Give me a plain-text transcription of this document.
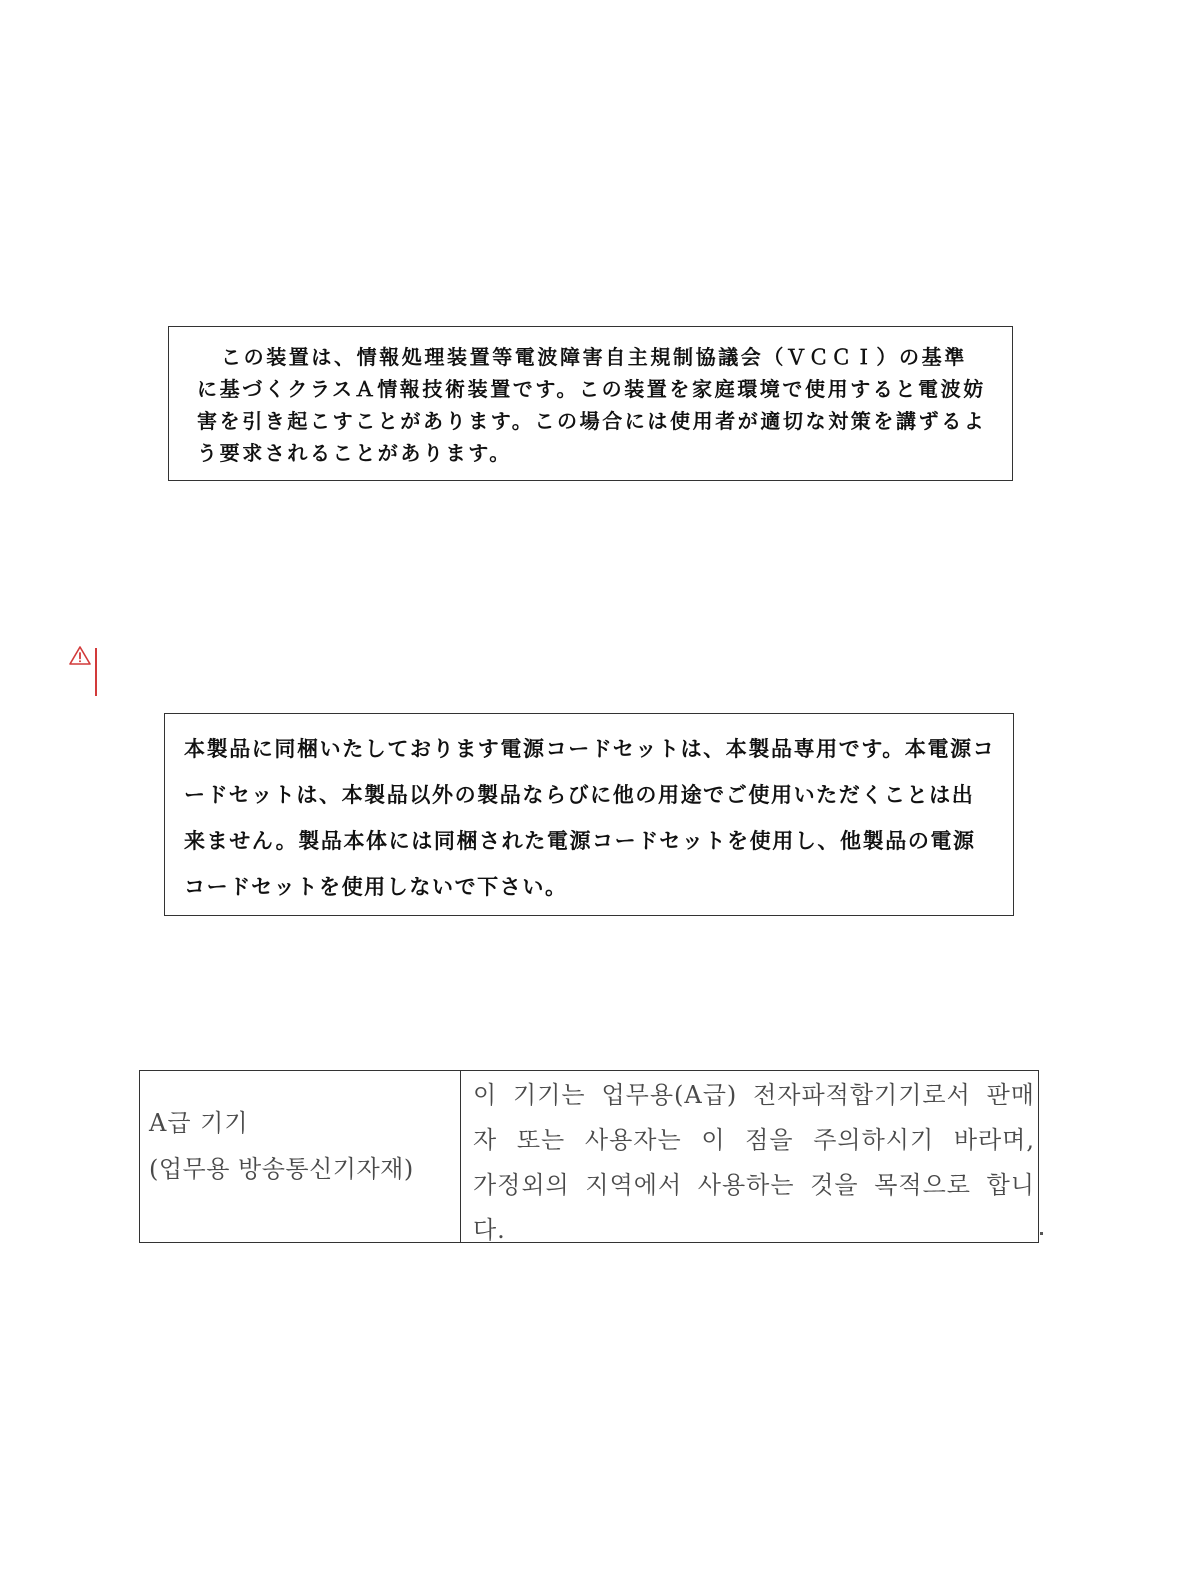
この装置は、情報処理装置等電波障害自主規制協議会（ＶＣＣＩ）の基準に基づくクラスＡ情報技術装置です。この装置を家庭環境で使用すると電波妨害を引き起こすことがあります。この場合には使用者が適切な対策を講ずるよう要求されることがあります。
本製品に同梱いたしております電源コードセットは、本製品専用です。本電源コードセットは、本製品以外の製品ならびに他の用途でご使用いただくことは出来ません。製品本体には同梱された電源コードセットを使用し、他製品の電源コードセットを使用しないで下さい。
A급 기기
(업무용 방송통신기자재)
이 기기는 업무용(A급) 전자파적합기기로서 판매자 또는 사용자는 이 점을 주의하시기 바라며, 가정외의 지역에서 사용하는 것을 목적으로 합니다.
